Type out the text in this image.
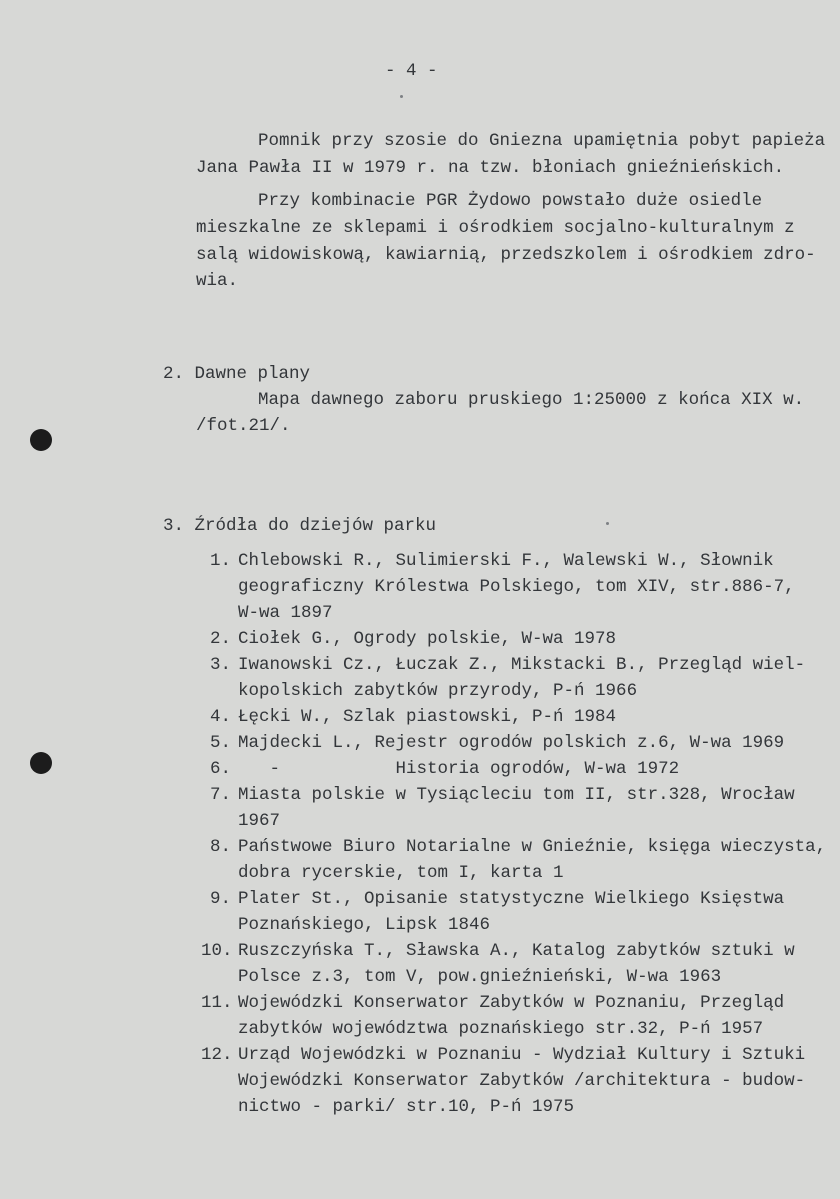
- 4 -
Pomnik przy szosie do Gniezna upamiętnia pobyt papieża
Jana Pawła II w 1979 r. na tzw. błoniach gnieźnieńskich.
Przy kombinacie PGR Żydowo powstało duże osiedle
mieszkalne ze sklepami i ośrodkiem socjalno-kulturalnym z
salą widowiskową, kawiarnią, przedszkolem i ośrodkiem zdro-
wia.
2. Dawne plany
Mapa dawnego zaboru pruskiego 1:25000 z końca XIX w.
/fot.21/.
3. Źródła do dziejów parku
1. Chlebowski R., Sulimierski F., Walewski W., Słownik
geograficzny Królestwa Polskiego, tom XIV, str.886-7,
W-wa 1897
2. Ciołek G., Ogrody polskie, W-wa 1978
3. Iwanowski Cz., Łuczak Z., Mikstacki B., Przegląd wiel-
kopolskich zabytków przyrody, P-ń 1966
4. Łęcki W., Szlak piastowski, P-ń 1984
5. Majdecki L., Rejestr ogrodów polskich z.6, W-wa 1969
6. -           Historia ogrodów, W-wa 1972
7. Miasta polskie w Tysiącleciu tom II, str.328, Wrocław
1967
8. Państwowe Biuro Notarialne w Gnieźnie, księga wieczysta,
dobra rycerskie, tom I, karta 1
9. Plater St., Opisanie statystyczne Wielkiego Księstwa
Poznańskiego, Lipsk 1846
10. Ruszczyńska T., Sławska A., Katalog zabytków sztuki w
Polsce z.3, tom V, pow.gnieźnieński, W-wa 1963
11. Wojewódzki Konserwator Zabytków w Poznaniu, Przegląd
zabytków województwa poznańskiego str.32, P-ń 1957
12. Urząd Wojewódzki w Poznaniu - Wydział Kultury i Sztuki
Wojewódzki Konserwator Zabytków /architektura - budow-
nictwo - parki/ str.10, P-ń 1975
